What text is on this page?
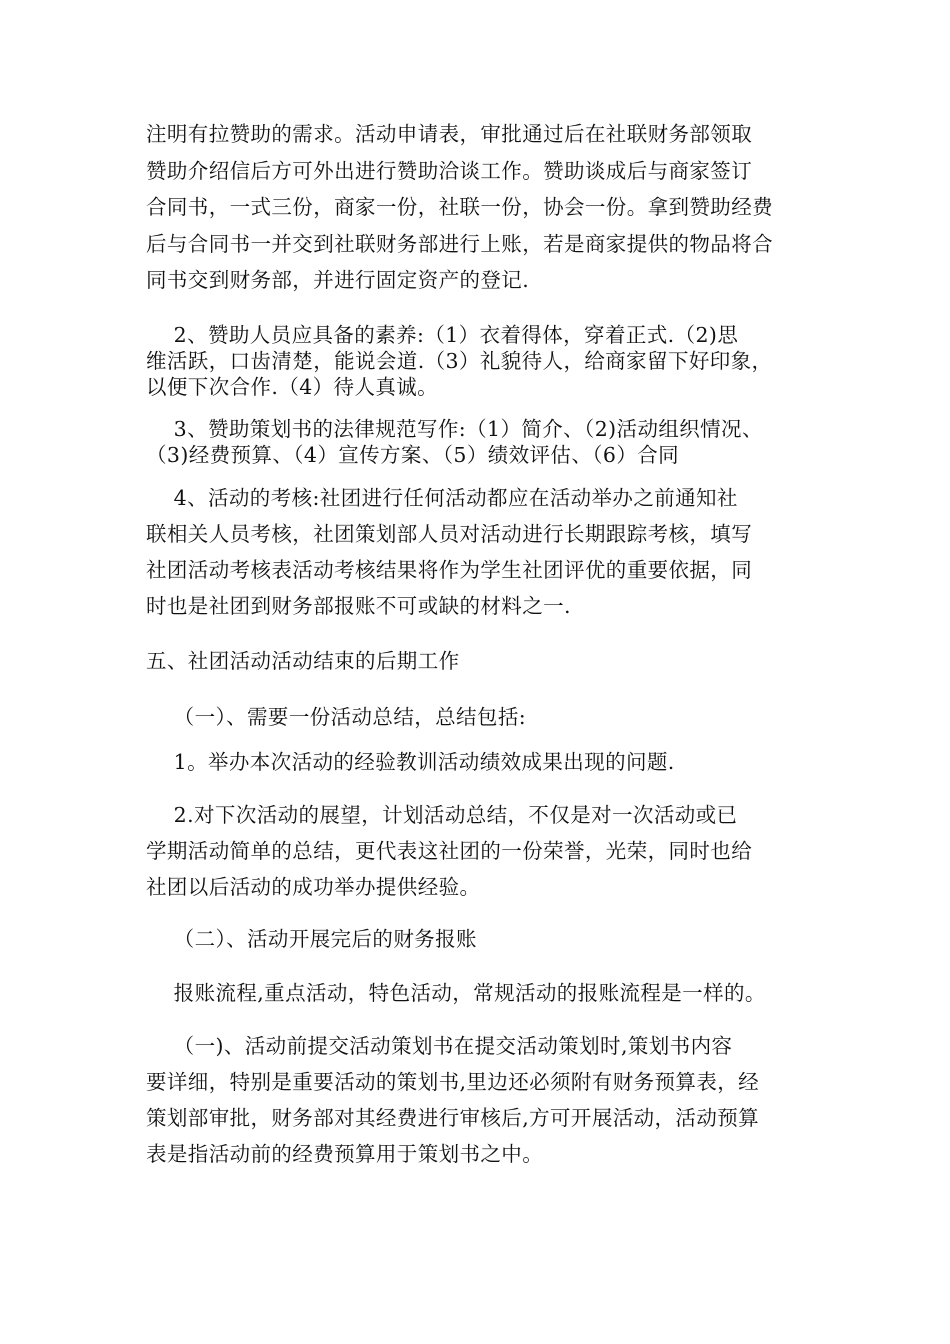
注明有拉赞助的需求。活动申请表，审批通过后在社联财务部领取
赞助介绍信后方可外出进行赞助洽谈工作。赞助谈成后与商家签订
合同书，一式三份，商家一份，社联一份，协会一份。拿到赞助经费
后与合同书一并交到社联财务部进行上账，若是商家提供的物品将合
同书交到财务部，并进行固定资产的登记.
2、赞助人员应具备的素养:（1）衣着得体，穿着正式.（2)思
维活跃，口齿清楚，能说会道.（3）礼貌待人，给商家留下好印象，
以便下次合作.（4）待人真诚。
3、赞助策划书的法律规范写作:（1）简介、（2)活动组织情况、
（3)经费预算、（4）宣传方案、（5）绩效评估、（6）合同
4、活动的考核:社团进行任何活动都应在活动举办之前通知社
联相关人员考核，社团策划部人员对活动进行长期跟踪考核，填写
社团活动考核表活动考核结果将作为学生社团评优的重要依据，同
时也是社团到财务部报账不可或缺的材料之一.
五、社团活动活动结束的后期工作
（一）、需要一份活动总结，总结包括:
1。举办本次活动的经验教训活动绩效成果出现的问题.
2.对下次活动的展望，计划活动总结，不仅是对一次活动或已
学期活动简单的总结，更代表这社团的一份荣誉，光荣，同时也给
社团以后活动的成功举办提供经验。
（二）、活动开展完后的财务报账
报账流程,重点活动，特色活动，常规活动的报账流程是一样的。
（一)、活动前提交活动策划书在提交活动策划时,策划书内容
要详细，特别是重要活动的策划书,里边还必须附有财务预算表，经
策划部审批，财务部对其经费进行审核后,方可开展活动，活动预算
表是指活动前的经费预算用于策划书之中。
